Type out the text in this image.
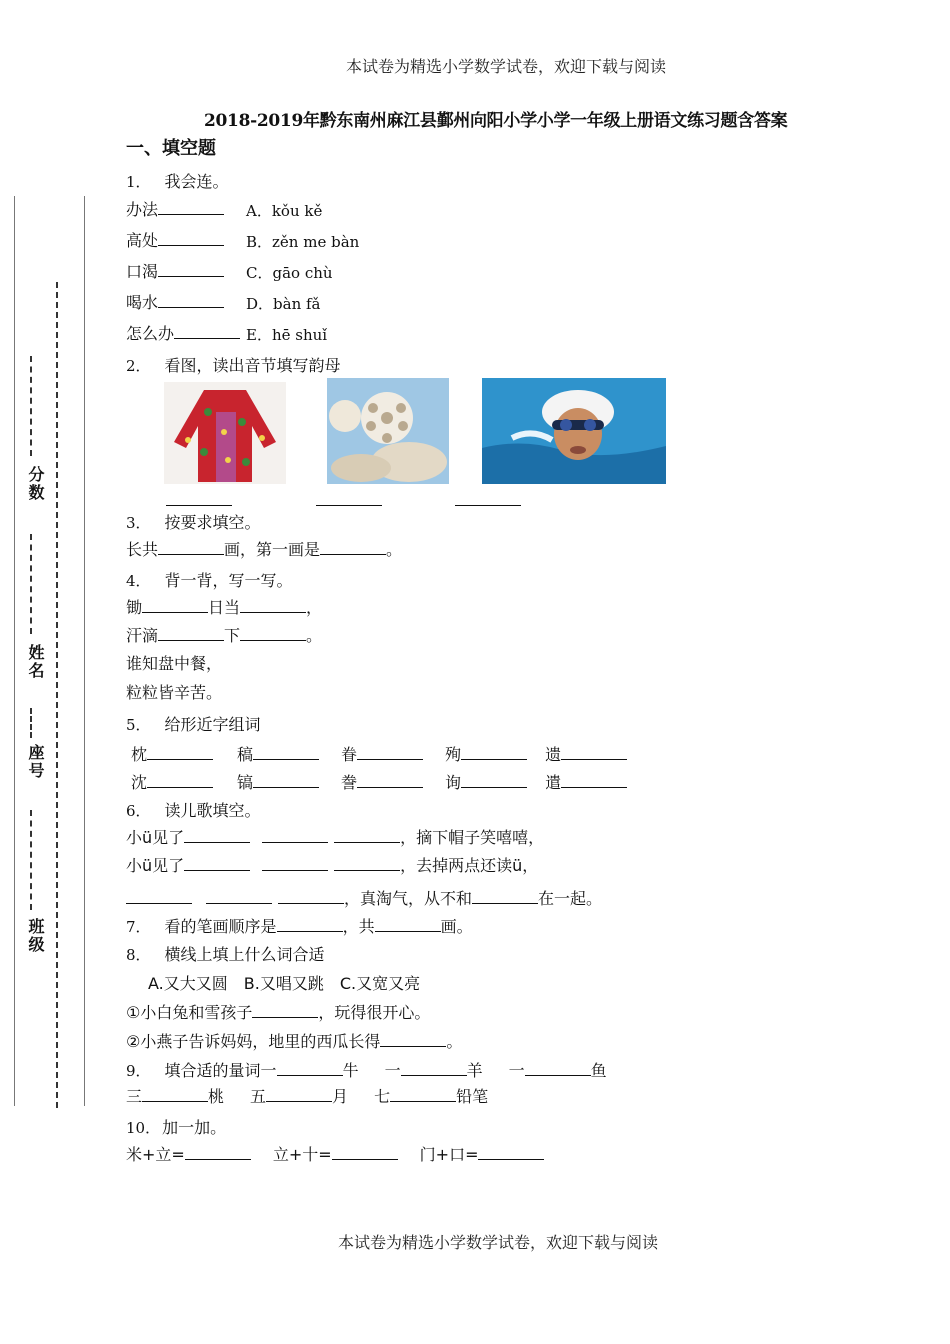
本试卷为精选小学数学试卷，欢迎下载与阅读
2018-2019年黔东南州麻江县鄞州向阳小学小学一年级上册语文练习题含答案
一、填空题
分数
姓名
座号
班级
1． 我会连。
办法	A．kǒu kě
高处	B．zěn me bàn
口渴	C．gāo chù
喝水	D．bàn fǎ
怎么办	E．hē shuǐ
2． 看图，读出音节填写韵母
3． 按要求填空。
长共	画，第一画是	。
4． 背一背，写一写。
锄	日当	，
汗滴	下	。
谁知盘中餐，
粒粒皆辛苦。
5． 给形近字组词
枕	稿	眷	殉	遗
沈	镐	誊	询	遣
6． 读儿歌填空。
小ü见了	，摘下帽子笑嘻嘻，
小ü见了	，去掉两点还读ü，
，真淘气，从不和	在一起。
7． 看的笔画顺序是	，共	画。
8． 横线上填上什么词合适
A.又大又圆　B.又唱又跳　C.又宽又亮
①小白兔和雪孩子	，玩得很开心。
②小燕子告诉妈妈，地里的西瓜长得	。
9． 填合适的量词一	牛 一	羊 一	鱼
三	桃 五	月 七	铅笔
10． 加一加。
米+立=	立+十=	门+口=
本试卷为精选小学数学试卷，欢迎下载与阅读
